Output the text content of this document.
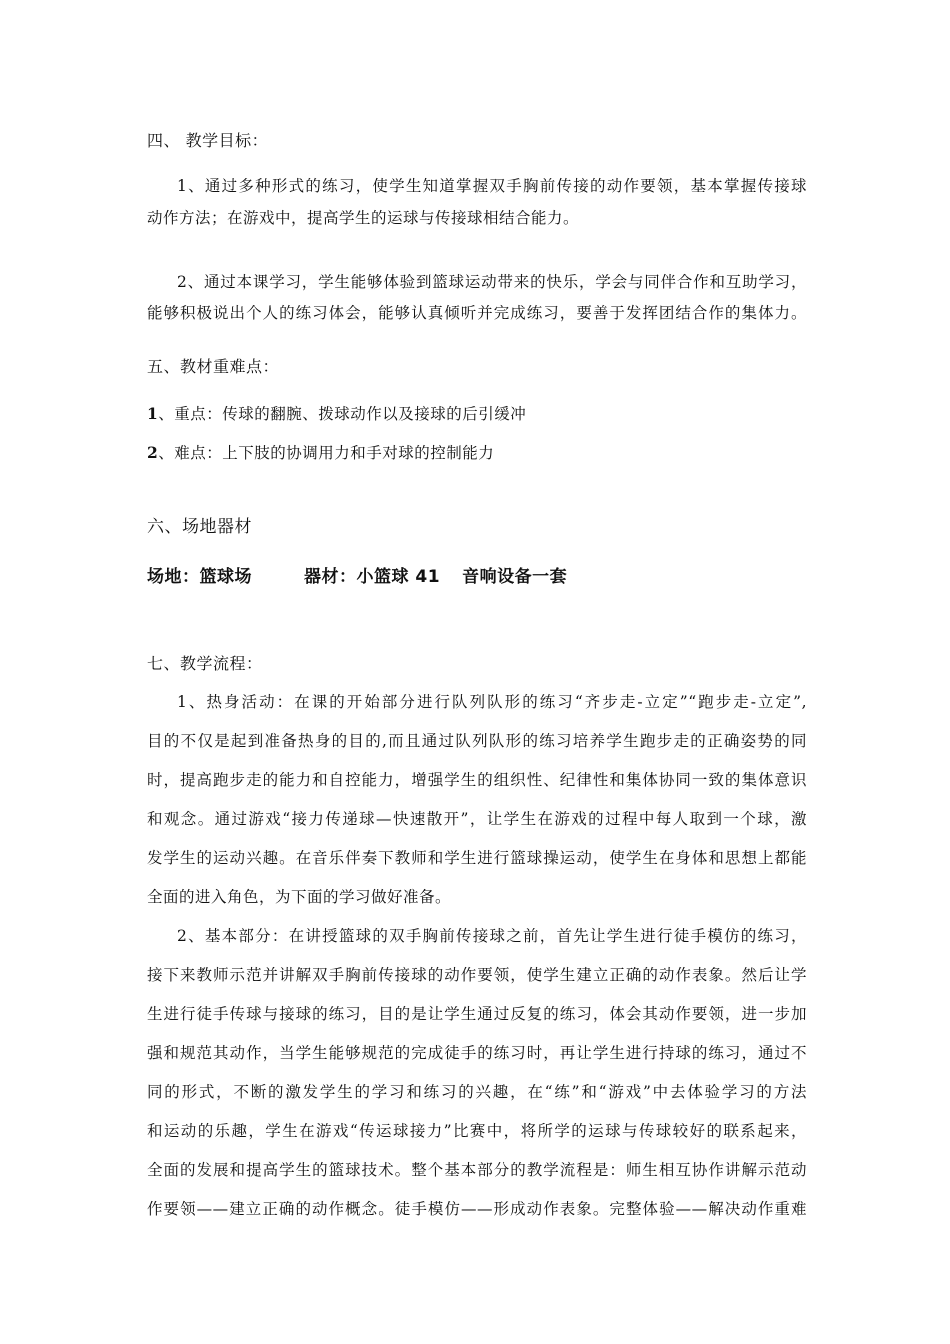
四、 教学目标：
1、通过多种形式的练习，使学生知道掌握双手胸前传接的动作要领，基本掌握传接球
动作方法；在游戏中，提高学生的运球与传接球相结合能力。
2、通过本课学习，学生能够体验到篮球运动带来的快乐，学会与同伴合作和互助学习，
能够积极说出个人的练习体会，能够认真倾听并完成练习，要善于发挥团结合作的集体力。
五、教材重难点：
1、重点：传球的翻腕、拨球动作以及接球的后引缓冲
2、难点：上下肢的协调用力和手对球的控制能力
六、场地器材
场地：篮球场	器材：小篮球 41 音响设备一套
七、教学流程：
1、热身活动：在课的开始部分进行队列队形的练习“齐步走-立定”“跑步走-立定”,
目的不仅是起到准备热身的目的,而且通过队列队形的练习培养学生跑步走的正确姿势的同
时，提高跑步走的能力和自控能力，增强学生的组织性、纪律性和集体协同一致的集体意识
和观念。通过游戏“接力传递球—快速散开”，让学生在游戏的过程中每人取到一个球，激
发学生的运动兴趣。在音乐伴奏下教师和学生进行篮球操运动，使学生在身体和思想上都能
全面的进入角色，为下面的学习做好准备。
2、基本部分：在讲授篮球的双手胸前传接球之前，首先让学生进行徒手模仿的练习，
接下来教师示范并讲解双手胸前传接球的动作要领，使学生建立正确的动作表象。然后让学
生进行徒手传球与接球的练习，目的是让学生通过反复的练习，体会其动作要领，进一步加
强和规范其动作，当学生能够规范的完成徒手的练习时，再让学生进行持球的练习，通过不
同的形式，不断的激发学生的学习和练习的兴趣，在“练”和“游戏”中去体验学习的方法
和运动的乐趣，学生在游戏“传运球接力”比赛中，将所学的运球与传球较好的联系起来，
全面的发展和提高学生的篮球技术。整个基本部分的教学流程是：师生相互协作讲解示范动
作要领——建立正确的动作概念。徒手模仿——形成动作表象。完整体验——解决动作重难
